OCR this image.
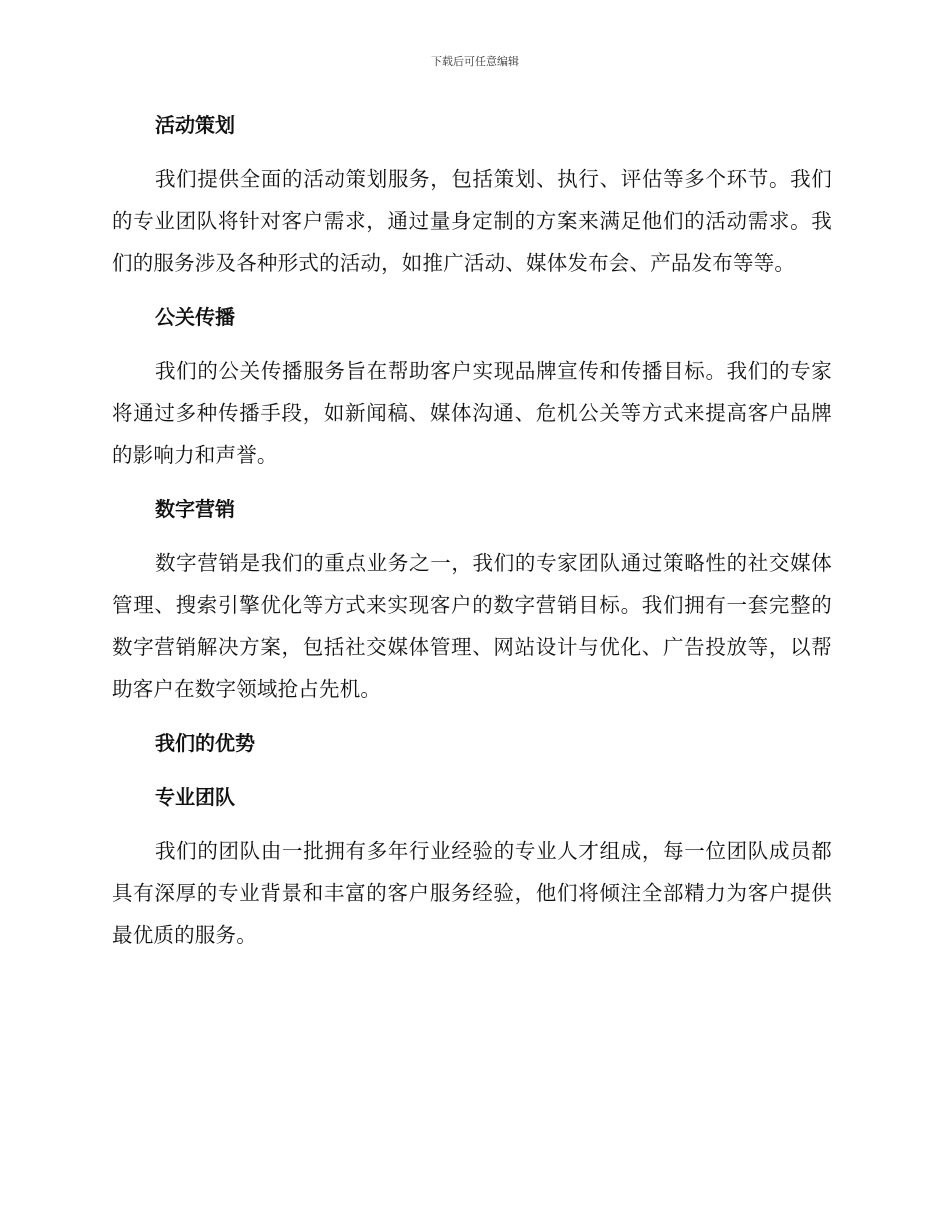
下载后可任意编辑
活动策划

我们提供全面的活动策划服务，包括策划、执行、评估等多个环节。我们的专业团队将针对客户需求，通过量身定制的方案来满足他们的活动需求。我们的服务涉及各种形式的活动，如推广活动、媒体发布会、产品发布等等。

公关传播

我们的公关传播服务旨在帮助客户实现品牌宣传和传播目标。我们的专家将通过多种传播手段，如新闻稿、媒体沟通、危机公关等方式来提高客户品牌的影响力和声誉。

数字营销

数字营销是我们的重点业务之一，我们的专家团队通过策略性的社交媒体管理、搜索引擎优化等方式来实现客户的数字营销目标。我们拥有一套完整的数字营销解决方案，包括社交媒体管理、网站设计与优化、广告投放等，以帮助客户在数字领域抢占先机。

我们的优势
专业团队

我们的团队由一批拥有多年行业经验的专业人才组成，每一位团队成员都具有深厚的专业背景和丰富的客户服务经验，他们将倾注全部精力为客户提供最优质的服务。
